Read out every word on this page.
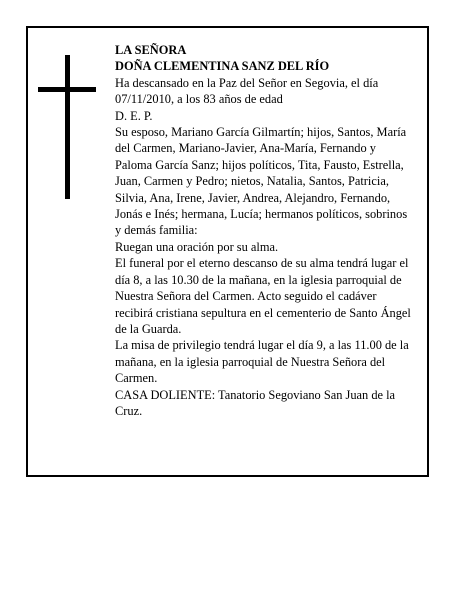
LA SEÑORA

DOÑA CLEMENTINA SANZ DEL RÍO

Ha descansado en la Paz del Señor en Segovia, el día 07/11/2010, a los 83 años de edad

D. E. P.

Su esposo, Mariano García Gilmartín; hijos, Santos, María del Carmen, Mariano-Javier, Ana-María, Fernando y Paloma García Sanz; hijos políticos, Tita, Fausto, Estrella, Juan, Carmen y Pedro; nietos, Natalia, Santos, Patricia, Silvia, Ana, Irene, Javier, Andrea, Alejandro, Fernando, Jonás e Inés; hermana, Lucía; hermanos políticos, sobrinos y demás familia:

Ruegan una oración por su alma.

El funeral por el eterno descanso de su alma tendrá lugar el día 8, a las 10.30 de la mañana, en la iglesia parroquial de Nuestra Señora del Carmen. Acto seguido el cadáver recibirá cristiana sepultura en el cementerio de Santo Ángel de la Guarda.

La misa de privilegio tendrá lugar el día 9, a las 11.00 de la mañana, en la iglesia parroquial de Nuestra Señora del Carmen.

CASA DOLIENTE: Tanatorio Segoviano San Juan de la Cruz.
